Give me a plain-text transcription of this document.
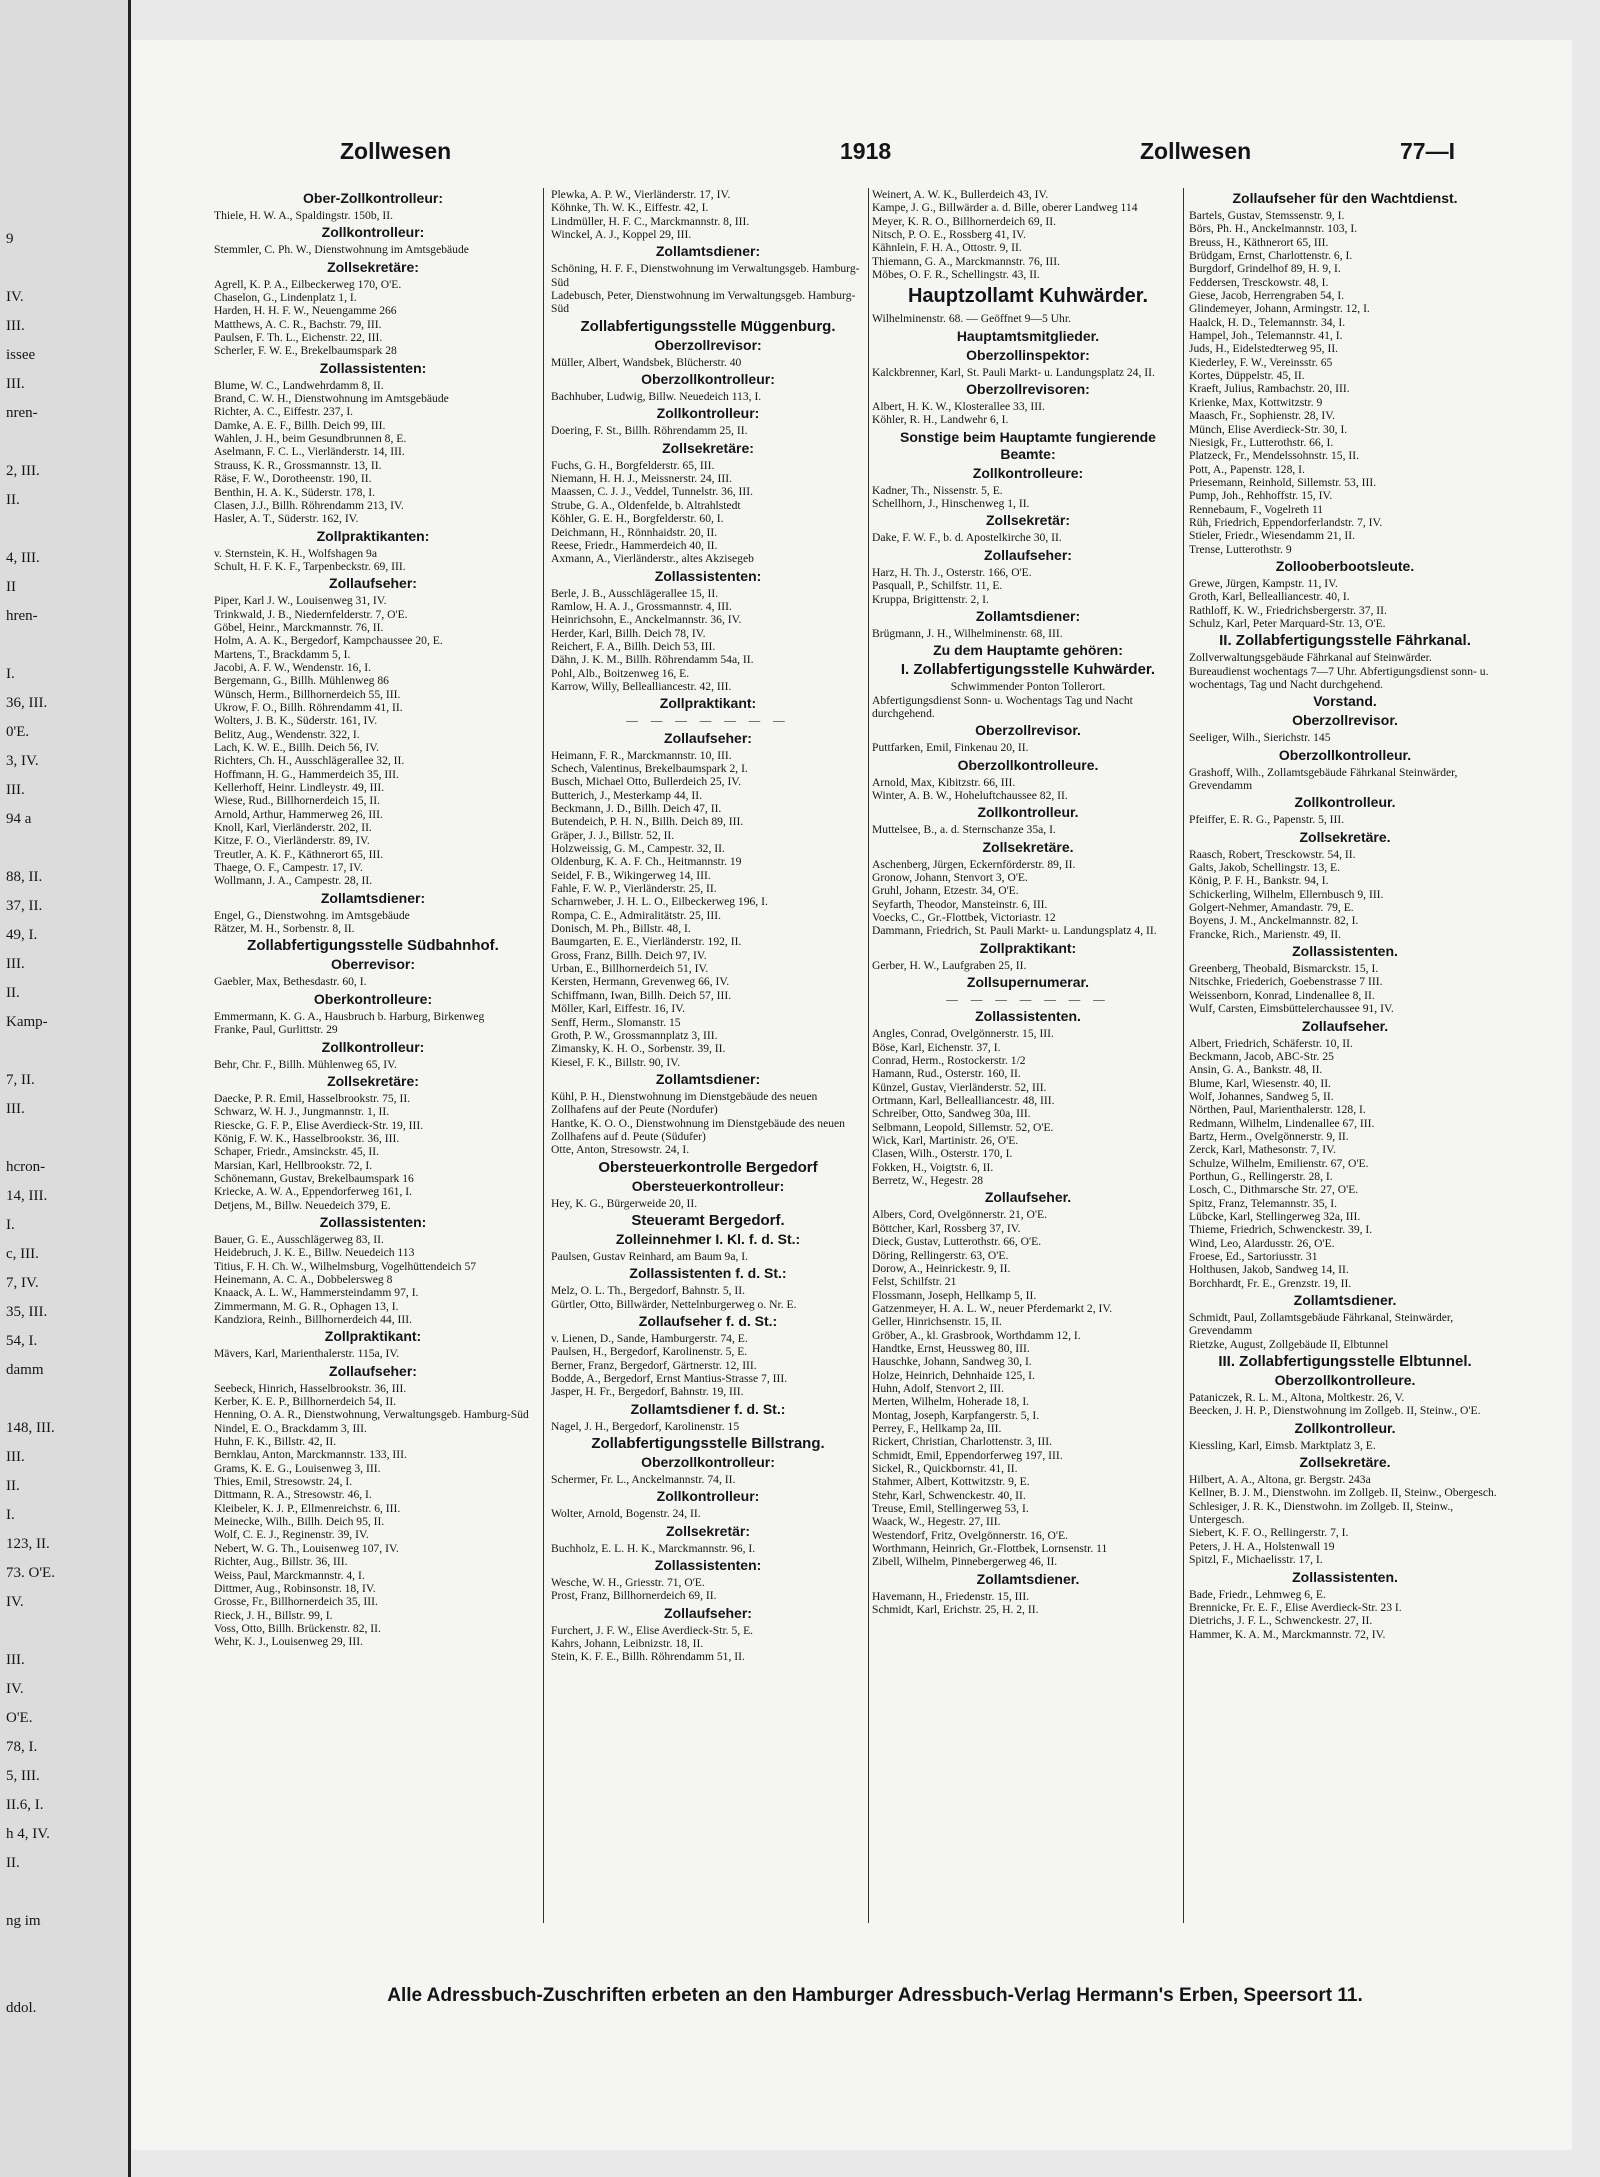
9
IV.
III.
issee
III.
nren-
2, III.
II.
4, III.
II
hren-
I.
36, III.
0'E.
3, IV.
III.
94 a
88, II.
37, II.
49, I.
III.
II.
Kamp-
7, II.
III.
hcron-
14, III.
I.
c, III.
7, IV.
35, III.
54, I.
damm
148, III.
III.
II.
I.
123, II.
73. O'E.
IV.
III.
IV.
O'E.
78, I.
5, III.
II.6, I.
h 4, IV.
II.
ng im
ddol.
Zollwesen	1918	Zollwesen	77—I
Ober-Zollkontrolleur:
Thiele, H. W. A., Spaldingstr. 150b, II.
Zollkontrolleur:
Stemmler, C. Ph. W., Dienstwohnung im Amtsgebäude
Zollsekretäre:
Agrell, K. P. A., Eilbeckerweg 170, O'E.
Chaselon, G., Lindenplatz 1, I.
Harden, H. H. F. W., Neuengamme 266
Matthews, A. C. R., Bachstr. 79, III.
Paulsen, F. Th. L., Eichenstr. 22, III.
Scherler, F. W. E., Brekelbaumspark 28
Zollassistenten:
Blume, W. C., Landwehrdamm 8, II.
Brand, C. W. H., Dienstwohnung im Amtsgebäude
Richter, A. C., Eiffestr. 237, I.
Damke, A. E. F., Billh. Deich 99, III.
Wahlen, J. H., beim Gesundbrunnen 8, E.
Aselmann, F. C. L., Vierländerstr. 14, III.
Strauss, K. R., Grossmannstr. 13, II.
Räse, F. W., Dorotheenstr. 190, II.
Benthin, H. A. K., Süderstr. 178, I.
Clasen, J.J., Billh. Röhrendamm 213, IV.
Hasler, A. T., Süderstr. 162, IV.
Zollpraktikanten:
v. Sternstein, K. H., Wolfshagen 9a
Schult, H. F. K. F., Tarpenbeckstr. 69, III.
Zollaufseher:
Piper, Karl J. W., Louisenweg 31, IV.
Trinkwald, J. B., Niedernfelderstr. 7, O'E.
Göbel, Heinr., Marckmannstr. 76, II.
Holm, A. A. K., Bergedorf, Kampchaussee 20, E.
Martens, T., Brackdamm 5, I.
Jacobi, A. F. W., Wendenstr. 16, I.
Bergemann, G., Billh. Mühlenweg 86
Wünsch, Herm., Billhornerdeich 55, III.
Ukrow, F. O., Billh. Röhrendamm 41, II.
Wolters, J. B. K., Süderstr. 161, IV.
Belitz, Aug., Wendenstr. 322, I.
Lach, K. W. E., Billh. Deich 56, IV.
Richters, Ch. H., Ausschlägerallee 32, II.
Hoffmann, H. G., Hammerdeich 35, III.
Kellerhoff, Heinr. Lindleystr. 49, III.
Wiese, Rud., Billhornerdeich 15, II.
Arnold, Arthur, Hammerweg 26, III.
Knoll, Karl, Vierländerstr. 202, II.
Kitze, F. O., Vierländerstr. 89, IV.
Treutler, A. K. F., Käthnerort 65, III.
Thaege, O. F., Campestr. 17, IV.
Wollmann, J. A., Campestr. 28, II.
Zollamtsdiener:
Engel, G., Dienstwohng. im Amtsgebäude
Rätzer, M. H., Sorbenstr. 8, II.
Zollabfertigungsstelle Südbahnhof.
Oberrevisor:
Gaebler, Max, Bethesdastr. 60, I.
Oberkontrolleure:
Emmermann, K. G. A., Hausbruch b. Harburg, Birkenweg
Franke, Paul, Gurlittstr. 29
Zollkontrolleur:
Behr, Chr. F., Billh. Mühlenweg 65, IV.
Zollsekretäre:
Daecke, P. R. Emil, Hasselbrookstr. 75, II.
Schwarz, W. H. J., Jungmannstr. 1, II.
Riescke, G. F. P., Elise Averdieck-Str. 19, III.
König, F. W. K., Hasselbrookstr. 36, III.
Schaper, Friedr., Amsinckstr. 45, II.
Marsian, Karl, Hellbrookstr. 72, I.
Schönemann, Gustav, Brekelbaumspark 16
Kriecke, A. W. A., Eppendorferweg 161, I.
Detjens, M., Billw. Neuedeich 379, E.
Zollassistenten:
Bauer, G. E., Ausschlägerweg 83, II.
Heidebruch, J. K. E., Billw. Neuedeich 113
Titius, F. H. Ch. W., Wilhelmsburg, Vogelhüttendeich 57
Heinemann, A. C. A., Dobbelersweg 8
Knaack, A. L. W., Hammersteindamm 97, I.
Zimmermann, M. G. R., Ophagen 13, I.
Kandziora, Reinh., Billhornerdeich 44, III.
Zollpraktikant:
Mävers, Karl, Marienthalerstr. 115a, IV.
Zollaufseher:
Seebeck, Hinrich, Hasselbrookstr. 36, III.
Kerber, K. E. P., Billhornerdeich 54, II.
Henning, O. A. R., Dienstwohnung, Verwaltungsgeb. Hamburg-Süd
Nindel, E. O., Brackdamm 3, III.
Huhn, F. K., Billstr. 42, II.
Bernklau, Anton, Marckmannstr. 133, III.
Grams, K. E. G., Louisenweg 3, III.
Thies, Emil, Stresowstr. 24, I.
Dittmann, R. A., Stresowstr. 46, I.
Kleibeler, K. J. P., Ellmenreichstr. 6, III.
Meinecke, Wilh., Billh. Deich 95, II.
Wolf, C. E. J., Reginenstr. 39, IV.
Nebert, W. G. Th., Louisenweg 107, IV.
Richter, Aug., Billstr. 36, III.
Weiss, Paul, Marckmannstr. 4, I.
Dittmer, Aug., Robinsonstr. 18, IV.
Grosse, Fr., Billhornerdeich 35, III.
Rieck, J. H., Billstr. 99, I.
Voss, Otto, Billh. Brückenstr. 82, II.
Wehr, K. J., Louisenweg 29, III.
Plewka, A. P. W., Vierländerstr. 17, IV.
Köhnke, Th. W. K., Eiffestr. 42, I.
Lindmüller, H. F. C., Marckmannstr. 8, III.
Winckel, A. J., Koppel 29, III.
Zollamtsdiener:
Schöning, H. F. F., Dienstwohnung im Verwaltungsgeb. Hamburg-Süd
Ladebusch, Peter, Dienstwohnung im Verwaltungsgeb. Hamburg-Süd
Zollabfertigungsstelle Müggenburg.
Oberzollrevisor:
Müller, Albert, Wandsbek, Blücherstr. 40
Oberzollkontrolleur:
Bachhuber, Ludwig, Billw. Neuedeich 113, I.
Zollkontrolleur:
Doering, F. St., Billh. Röhrendamm 25, II.
Zollsekretäre:
Fuchs, G. H., Borgfelderstr. 65, III.
Niemann, H. H. J., Meissnerstr. 24, III.
Maassen, C. J. J., Veddel, Tunnelstr. 36, III.
Strube, G. A., Oldenfelde, b. Altrahlstedt
Köhler, G. E. H., Borgfelderstr. 60, I.
Deichmann, H., Rönnhaidstr. 20, II.
Reese, Friedr., Hammerdeich 40, II.
Axmann, A., Vierländerstr., altes Akzisegeb
Zollassistenten:
Berle, J. B., Ausschlägerallee 15, II.
Ramlow, H. A. J., Grossmannstr. 4, III.
Heinrichsohn, E., Anckelmannstr. 36, IV.
Herder, Karl, Billh. Deich 78, IV.
Reichert, F. A., Billh. Deich 53, III.
Dähn, J. K. M., Billh. Röhrendamm 54a, II.
Pohl, Alb., Boitzenweg 16, E.
Karrow, Willy, Bellealliancestr. 42, III.
Zollpraktikant:
— — — — — — —
Zollaufseher:
Heimann, F. R., Marckmannstr. 10, III.
Schech, Valentinus, Brekelbaumspark 2, I.
Busch, Michael Otto, Bullerdeich 25, IV.
Butterich, J., Mesterkamp 44, II.
Beckmann, J. D., Billh. Deich 47, II.
Butendeich, P. H. N., Billh. Deich 89, III.
Gräper, J. J., Billstr. 52, II.
Holzweissig, G. M., Campestr. 32, II.
Oldenburg, K. A. F. Ch., Heitmannstr. 19
Seidel, F. B., Wikingerweg 14, III.
Fahle, F. W. P., Vierländerstr. 25, II.
Scharnweber, J. H. L. O., Eilbeckerweg 196, I.
Rompa, C. E., Admiralitätstr. 25, III.
Donisch, M. Ph., Billstr. 48, I.
Baumgarten, E. E., Vierländerstr. 192, II.
Gross, Franz, Billh. Deich 97, IV.
Urban, E., Billhornerdeich 51, IV.
Kersten, Hermann, Grevenweg 66, IV.
Schiffmann, Iwan, Billh. Deich 57, III.
Möller, Karl, Eiffestr. 16, IV.
Senff, Herm., Slomanstr. 15
Groth, P. W., Grossmannplatz 3, III.
Zimansky, K. H. O., Sorbenstr. 39, II.
Kiesel, F. K., Billstr. 90, IV.
Zollamtsdiener:
Kühl, P. H., Dienstwohnung im Dienstgebäude des neuen Zollhafens auf der Peute (Nordufer)
Hantke, K. O. O., Dienstwohnung im Dienstgebäude des neuen Zollhafens auf d. Peute (Südufer)
Otte, Anton, Stresowstr. 24, I.
Obersteuerkontrolle Bergedorf
Obersteuerkontrolleur:
Hey, K. G., Bürgerweide 20, II.
Steueramt Bergedorf.
Zolleinnehmer I. Kl. f. d. St.:
Paulsen, Gustav Reinhard, am Baum 9a, I.
Zollassistenten f. d. St.:
Melz, O. L. Th., Bergedorf, Bahnstr. 5, II.
Gürtler, Otto, Billwärder, Nettelnburgerweg o. Nr. E.
Zollaufseher f. d. St.:
v. Lienen, D., Sande, Hamburgerstr. 74, E.
Paulsen, H., Bergedorf, Karolinenstr. 5, E.
Berner, Franz, Bergedorf, Gärtnerstr. 12, III.
Bodde, A., Bergedorf, Ernst Mantius-Strasse 7, III.
Jasper, H. Fr., Bergedorf, Bahnstr. 19, III.
Zollamtsdiener f. d. St.:
Nagel, J. H., Bergedorf, Karolinenstr. 15
Zollabfertigungsstelle Billstrang.
Oberzollkontrolleur:
Schermer, Fr. L., Anckelmannstr. 74, II.
Zollkontrolleur:
Wolter, Arnold, Bogenstr. 24, II.
Zollsekretär:
Buchholz, E. L. H. K., Marckmannstr. 96, I.
Zollassistenten:
Wesche, W. H., Griesstr. 71, O'E.
Prost, Franz, Billhornerdeich 69, II.
Zollaufseher:
Furchert, J. F. W., Elise Averdieck-Str. 5, E.
Kahrs, Johann, Leibnizstr. 18, II.
Stein, K. F. E., Billh. Röhrendamm 51, II.
Weinert, A. W. K., Bullerdeich 43, IV.
Kampe, J. G., Billwärder a. d. Bille, oberer Landweg 114
Meyer, K. R. O., Billhornerdeich 69, II.
Nitsch, P. O. E., Rossberg 41, IV.
Kähnlein, F. H. A., Ottostr. 9, II.
Thiemann, G. A., Marckmannstr. 76, III.
Möbes, O. F. R., Schellingstr. 43, II.
Hauptzollamt Kuhwärder.
Wilhelminenstr. 68. — Geöffnet 9—5 Uhr.
Hauptamtsmitglieder.
Oberzollinspektor:
Kalckbrenner, Karl, St. Pauli Markt- u. Landungsplatz 24, II.
Oberzollrevisoren:
Albert, H. K. W., Klosterallee 33, III.
Köhler, R. H., Landwehr 6, I.
Sonstige beim Hauptamte fungierende Beamte:
Zollkontrolleure:
Kadner, Th., Nissenstr. 5, E.
Schellhorn, J., Hinschenweg 1, II.
Zollsekretär:
Dake, F. W. F., b. d. Apostelkirche 30, II.
Zollaufseher:
Harz, H. Th. J., Osterstr. 166, O'E.
Pasquall, P., Schilfstr. 11, E.
Kruppa, Brigittenstr. 2, I.
Zollamtsdiener:
Brügmann, J. H., Wilhelminenstr. 68, III.
Zu dem Hauptamte gehören:
I. Zollabfertigungsstelle Kuhwärder.
Schwimmender Ponton Tollerort.
Abfertigungsdienst Sonn- u. Wochentags Tag und Nacht durchgehend.
Oberzollrevisor.
Puttfarken, Emil, Finkenau 20, II.
Oberzollkontrolleure.
Arnold, Max, Kibitzstr. 66, III.
Winter, A. B. W., Hoheluftchaussee 82, II.
Zollkontrolleur.
Muttelsee, B., a. d. Sternschanze 35a, I.
Zollsekretäre.
Aschenberg, Jürgen, Eckernförderstr. 89, II.
Gronow, Johann, Stenvort 3, O'E.
Gruhl, Johann, Etzestr. 34, O'E.
Seyfarth, Theodor, Mansteinstr. 6, III.
Voecks, C., Gr.-Flottbek, Victoriastr. 12
Dammann, Friedrich, St. Pauli Markt- u. Landungsplatz 4, II.
Zollpraktikant:
Gerber, H. W., Laufgraben 25, II.
Zollsupernumerar.
— — — — — — —
Zollassistenten.
Angles, Conrad, Ovelgönnerstr. 15, III.
Böse, Karl, Eichenstr. 37, I.
Conrad, Herm., Rostockerstr. 1/2
Hamann, Rud., Osterstr. 160, II.
Künzel, Gustav, Vierländerstr. 52, III.
Ortmann, Karl, Bellealliancestr. 48, III.
Schreiber, Otto, Sandweg 30a, III.
Selbmann, Leopold, Sillemstr. 52, O'E.
Wick, Karl, Martinistr. 26, O'E.
Clasen, Wilh., Osterstr. 170, I.
Fokken, H., Voigtstr. 6, II.
Berretz, W., Hegestr. 28
Zollaufseher.
Albers, Cord, Ovelgönnerstr. 21, O'E.
Böttcher, Karl, Rossberg 37, IV.
Dieck, Gustav, Lutterothstr. 66, O'E.
Döring, Rellingerstr. 63, O'E.
Dorow, A., Heinrickestr. 9, II.
Felst, Schilfstr. 21
Flossmann, Joseph, Hellkamp 5, II.
Gatzenmeyer, H. A. L. W., neuer Pferdemarkt 2, IV.
Geller, Hinrichsenstr. 15, II.
Gröber, A., kl. Grasbrook, Worthdamm 12, I.
Handtke, Ernst, Heussweg 80, III.
Hauschke, Johann, Sandweg 30, I.
Holze, Heinrich, Dehnhaide 125, I.
Huhn, Adolf, Stenvort 2, III.
Merten, Wilhelm, Hoherade 18, I.
Montag, Joseph, Karpfangerstr. 5, I.
Perrey, F., Hellkamp 2a, III.
Rickert, Christian, Charlottenstr. 3, III.
Schmidt, Emil, Eppendorferweg 197, III.
Sickel, R., Quickbornstr. 41, II.
Stahmer, Albert, Kottwitzstr. 9, E.
Stehr, Karl, Schwenckestr. 40, II.
Treuse, Emil, Stellingerweg 53, I.
Waack, W., Hegestr. 27, III.
Westendorf, Fritz, Ovelgönnerstr. 16, O'E.
Worthmann, Heinrich, Gr.-Flottbek, Lornsenstr. 11
Zibell, Wilhelm, Pinnebergerweg 46, II.
Zollamtsdiener.
Havemann, H., Friedenstr. 15, III.
Schmidt, Karl, Erichstr. 25, H. 2, II.
Zollaufseher für den Wachtdienst.
Bartels, Gustav, Stemssenstr. 9, I.
Börs, Ph. H., Anckelmannstr. 103, I.
Breuss, H., Käthnerort 65, III.
Brüdgam, Ernst, Charlottenstr. 6, I.
Burgdorf, Grindelhof 89, H. 9, I.
Feddersen, Tresckowstr. 48, I.
Giese, Jacob, Herrengraben 54, I.
Glindemeyer, Johann, Armingstr. 12, I.
Haalck, H. D., Telemannstr. 34, I.
Hampel, Joh., Telemannstr. 41, I.
Juds, H., Eidelstedterweg 95, II.
Kiederley, F. W., Vereinsstr. 65
Kortes, Düppelstr. 45, II.
Kraeft, Julius, Rambachstr. 20, III.
Krienke, Max, Kottwitzstr. 9
Maasch, Fr., Sophienstr. 28, IV.
Münch, Elise Averdieck-Str. 30, I.
Niesigk, Fr., Lutterothstr. 66, I.
Platzeck, Fr., Mendelssohnstr. 15, II.
Pott, A., Papenstr. 128, I.
Priesemann, Reinhold, Sillemstr. 53, III.
Pump, Joh., Rehhoffstr. 15, IV.
Rennebaum, F., Vogelreth 11
Rüh, Friedrich, Eppendorferlandstr. 7, IV.
Stieler, Friedr., Wiesendamm 21, II.
Trense, Lutterothstr. 9
Zollooberbootsleute.
Grewe, Jürgen, Kampstr. 11, IV.
Groth, Karl, Bellealliancestr. 40, I.
Rathloff, K. W., Friedrichsbergerstr. 37, II.
Schulz, Karl, Peter Marquard-Str. 13, O'E.
II. Zollabfertigungsstelle Fährkanal.
Zollverwaltungsgebäude Fährkanal auf Steinwärder.
Bureaudienst wochentags 7—7 Uhr. Abfertigungsdienst sonn- u. wochentags, Tag und Nacht durchgehend.
Vorstand.
Oberzollrevisor.
Seeliger, Wilh., Sierichstr. 145
Oberzollkontrolleur.
Grashoff, Wilh., Zollamtsgebäude Fährkanal Steinwärder, Grevendamm
Zollkontrolleur.
Pfeiffer, E. R. G., Papenstr. 5, III.
Zollsekretäre.
Raasch, Robert, Tresckowstr. 54, II.
Galts, Jakob, Schellingstr. 13, E.
König, P. F. H., Bankstr. 94, I.
Schickerling, Wilhelm, Ellernbusch 9, III.
Golgert-Nehmer, Amandastr. 79, E.
Boyens, J. M., Anckelmannstr. 82, I.
Francke, Rich., Marienstr. 49, II.
Zollassistenten.
Greenberg, Theobald, Bismarckstr. 15, I.
Nitschke, Friederich, Goebenstrasse 7 III.
Weissenborn, Konrad, Lindenallee 8, II.
Wulf, Carsten, Eimsbüttelerchaussee 91, IV.
Zollaufseher.
Albert, Friedrich, Schäferstr. 10, II.
Beckmann, Jacob, ABC-Str. 25
Ansin, G. A., Bankstr. 48, II.
Blume, Karl, Wiesenstr. 40, II.
Wolf, Johannes, Sandweg 5, II.
Nörthen, Paul, Marienthalerstr. 128, I.
Redmann, Wilhelm, Lindenallee 67, III.
Bartz, Herm., Ovelgönnerstr. 9, II.
Zerck, Karl, Mathesonstr. 7, IV.
Schulze, Wilhelm, Emilienstr. 67, O'E.
Porthun, G., Rellingerstr. 28, I.
Losch, C., Dithmarsche Str. 27, O'E.
Spitz, Franz, Telemannstr. 35, I.
Lübcke, Karl, Stellingerweg 32a, III.
Thieme, Friedrich, Schwenckestr. 39, I.
Wind, Leo, Alardusstr. 26, O'E.
Froese, Ed., Sartoriusstr. 31
Holthusen, Jakob, Sandweg 14, II.
Borchhardt, Fr. E., Grenzstr. 19, II.
Zollamtsdiener.
Schmidt, Paul, Zollamtsgebäude Fährkanal, Steinwärder, Grevendamm
Rietzke, August, Zollgebäude II, Elbtunnel
III. Zollabfertigungsstelle Elbtunnel.
Oberzollkontrolleure.
Pataniczek, R. L. M., Altona, Moltkestr. 26, V.
Beecken, J. H. P., Dienstwohnung im Zollgeb. II, Steinw., O'E.
Zollkontrolleur.
Kiessling, Karl, Eimsb. Marktplatz 3, E.
Zollsekretäre.
Hilbert, A. A., Altona, gr. Bergstr. 243a
Kellner, B. J. M., Dienstwohn. im Zollgeb. II, Steinw., Obergesch.
Schlesiger, J. R. K., Dienstwohn. im Zollgeb. II, Steinw., Untergesch.
Siebert, K. F. O., Rellingerstr. 7, I.
Peters, J. H. A., Holstenwall 19
Spitzl, F., Michaelisstr. 17, I.
Zollassistenten.
Bade, Friedr., Lehmweg 6, E.
Brennicke, Fr. E. F., Elise Averdieck-Str. 23 I.
Dietrichs, J. F. L., Schwenckestr. 27, II.
Hammer, K. A. M., Marckmannstr. 72, IV.
Alle Adressbuch-Zuschriften erbeten an den Hamburger Adressbuch-Verlag Hermann's Erben, Speersort 11.
